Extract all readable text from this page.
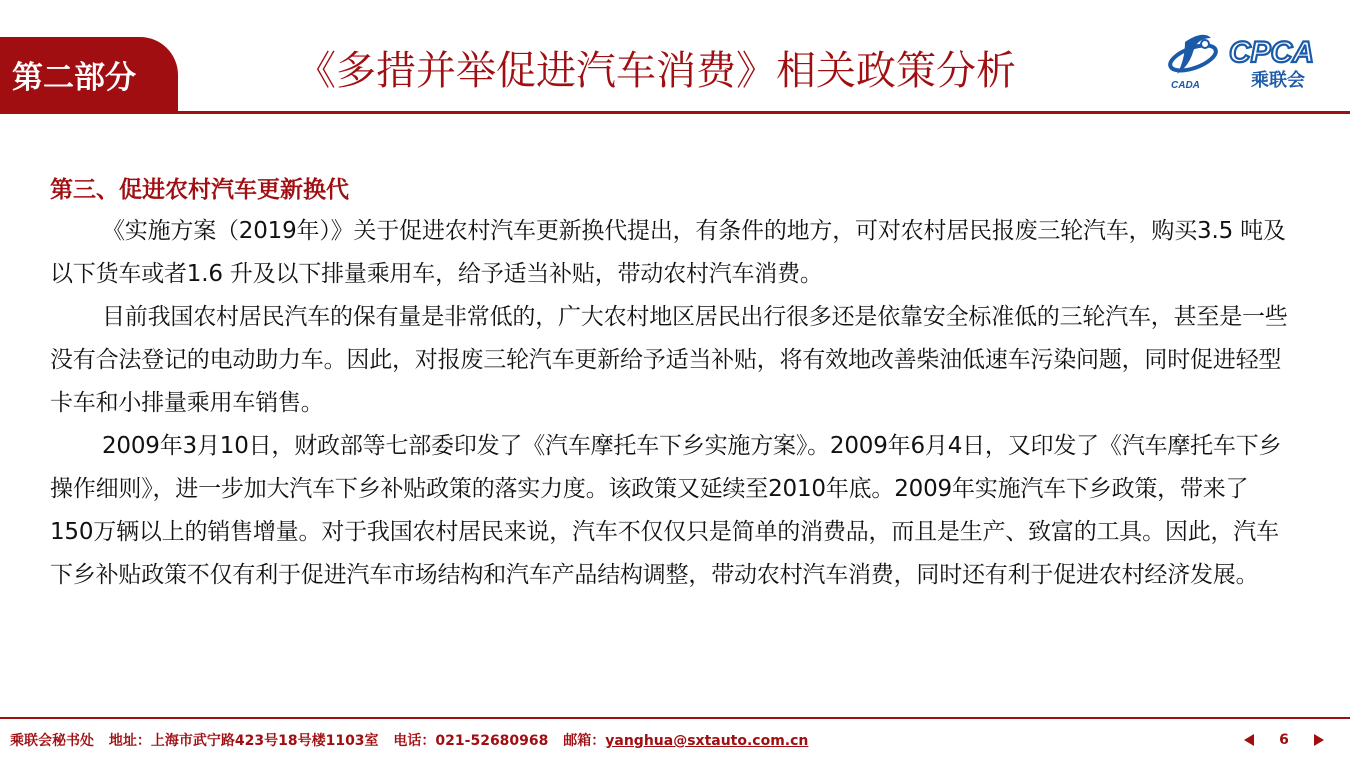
第二部分	《多措并举促进汽车消费》相关政策分析	CADA
CPCA
乘联会
第三、促进农村汽车更新换代

《实施方案（2019年）》关于促进农村汽车更新换代提出，有条件的地方，可对农村居民报废三轮汽车，购买3.5 吨及以下货车或者1.6 升及以下排量乘用车，给予适当补贴，带动农村汽车消费。

目前我国农村居民汽车的保有量是非常低的，广大农村地区居民出行很多还是依靠安全标准低的三轮汽车，甚至是一些没有合法登记的电动助力车。因此，对报废三轮汽车更新给予适当补贴，将有效地改善柴油低速车污染问题，同时促进轻型卡车和小排量乘用车销售。

2009年3月10日，财政部等七部委印发了《汽车摩托车下乡实施方案》。2009年6月4日，又印发了《汽车摩托车下乡操作细则》，进一步加大汽车下乡补贴政策的落实力度。该政策又延续至2010年底。2009年实施汽车下乡政策，带来了150万辆以上的销售增量。对于我国农村居民来说，汽车不仅仅只是简单的消费品，而且是生产、致富的工具。因此，汽车下乡补贴政策不仅有利于促进汽车市场结构和汽车产品结构调整，带动农村汽车消费，同时还有利于促进农村经济发展。

乘联会秘书处 地址：上海市武宁路423号18号楼1103室 电话：021-52680968 邮箱：yanghua@sxtauto.com.cn	6
